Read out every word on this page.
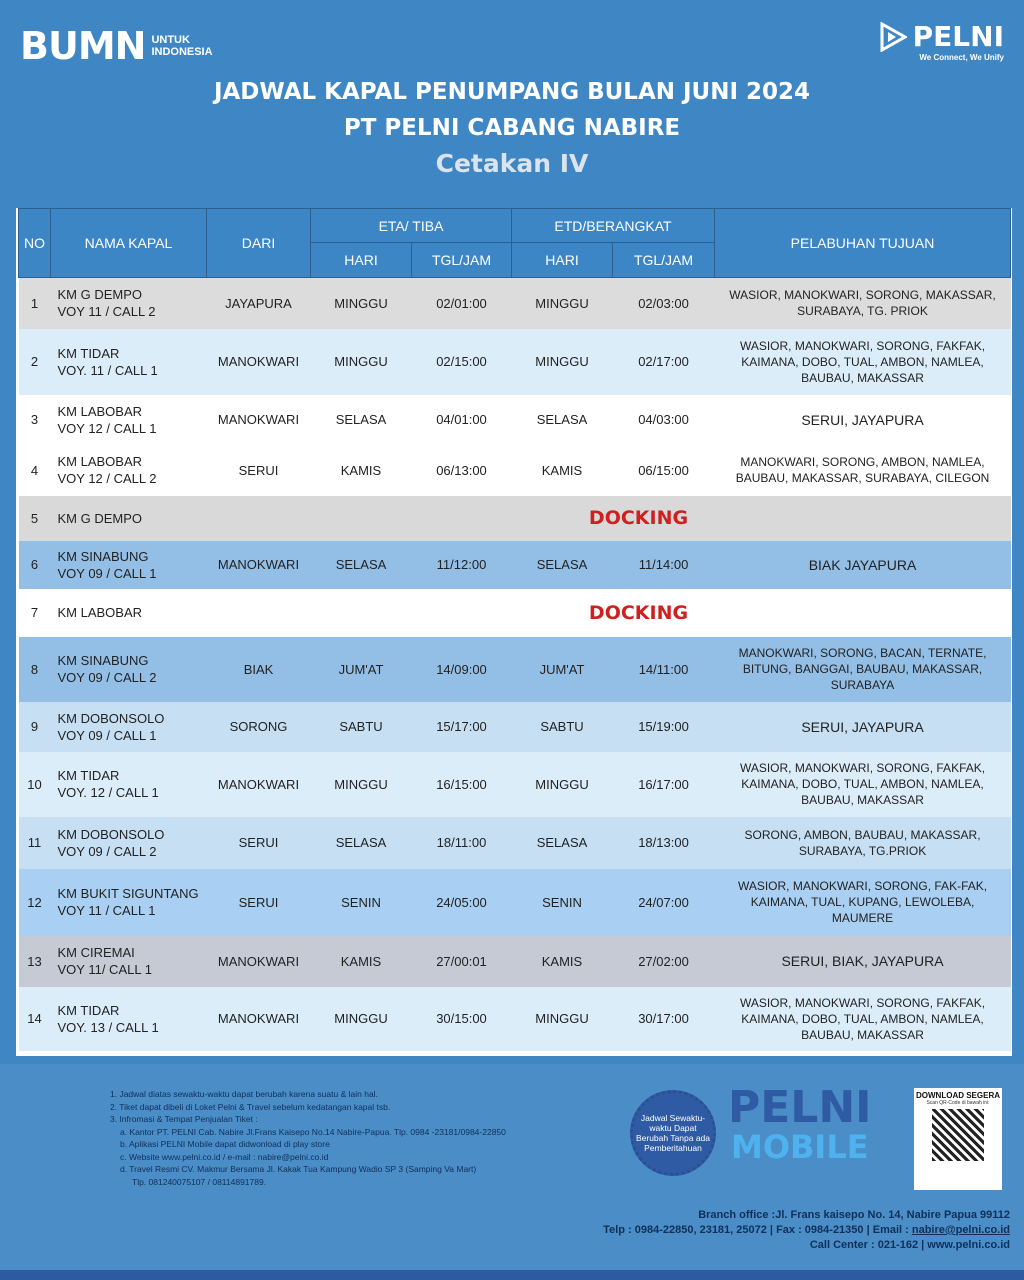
BUMN UNTUK
INDONESIA	PELNI
We Connect, We Unify
JADWAL KAPAL PENUMPANG BULAN JUNI 2024
PT PELNI CABANG NABIRE
Cetakan IV
NO	NAMA KAPAL	DARI	ETA/ TIBA		ETD/BERANGKAT		PELABUHAN TUJUAN
			HARI	TGL/JAM	HARI	TGL/JAM	
1	KM G DEMPO
VOY 11 / CALL 2	JAYAPURA	MINGGU	02/01:00	MINGGU	02/03:00	WASIOR, MANOKWARI, SORONG, MAKASSAR, SURABAYA, TG. PRIOK
2	KM TIDAR
VOY. 11 / CALL 1	MANOKWARI	MINGGU	02/15:00	MINGGU	02/17:00	WASIOR, MANOKWARI, SORONG, FAKFAK, KAIMANA, DOBO, TUAL, AMBON, NAMLEA, BAUBAU, MAKASSAR
3	KM LABOBAR
VOY 12 / CALL 1	MANOKWARI	SELASA	04/01:00	SELASA	04/03:00	SERUI, JAYAPURA
4	KM LABOBAR
VOY 12 / CALL 2	SERUI	KAMIS	06/13:00	KAMIS	06/15:00	MANOKWARI, SORONG, AMBON, NAMLEA, BAUBAU, MAKASSAR, SURABAYA, CILEGON
5	KM G DEMPO	DOCKING					
6	KM SINABUNG
VOY 09 / CALL 1	MANOKWARI	SELASA	11/12:00	SELASA	11/14:00	BIAK JAYAPURA
7	KM LABOBAR	DOCKING					
8	KM SINABUNG
VOY 09 / CALL 2	BIAK	JUM'AT	14/09:00	JUM'AT	14/11:00	MANOKWARI, SORONG, BACAN, TERNATE, BITUNG, BANGGAI, BAUBAU, MAKASSAR, SURABAYA
9	KM DOBONSOLO
VOY 09 / CALL 1	SORONG	SABTU	15/17:00	SABTU	15/19:00	SERUI, JAYAPURA
10	KM TIDAR
VOY. 12 / CALL 1	MANOKWARI	MINGGU	16/15:00	MINGGU	16/17:00	WASIOR, MANOKWARI, SORONG, FAKFAK, KAIMANA, DOBO, TUAL, AMBON, NAMLEA, BAUBAU, MAKASSAR
11	KM DOBONSOLO
VOY 09 / CALL 2	SERUI	SELASA	18/11:00	SELASA	18/13:00	SORONG, AMBON, BAUBAU, MAKASSAR, SURABAYA, TG.PRIOK
12	KM BUKIT SIGUNTANG
VOY 11 / CALL 1	SERUI	SENIN	24/05:00	SENIN	24/07:00	WASIOR, MANOKWARI, SORONG, FAK-FAK, KAIMANA, TUAL, KUPANG, LEWOLEBA, MAUMERE
13	KM CIREMAI
VOY 11/ CALL 1	MANOKWARI	KAMIS	27/00:01	KAMIS	27/02:00	SERUI, BIAK, JAYAPURA
14	KM TIDAR
VOY. 13 / CALL 1	MANOKWARI	MINGGU	30/15:00	MINGGU	30/17:00	WASIOR, MANOKWARI, SORONG, FAKFAK, KAIMANA, DOBO, TUAL, AMBON, NAMLEA, BAUBAU, MAKASSAR
1. Jadwal diatas sewaktu-waktu dapat berubah karena suatu & lain hal.
2. Tiket dapat dibeli di Loket Pelni & Travel sebelum kedatangan kapal tsb.
3. Infromasi & Tempat Penjualan Tiket :
a. Kantor PT. PELNI Cab. Nabire Jl.Frans Kaisepo No.14 Nabire-Papua. Tlp. 0984 -23181/0984-22850
b. Aplikasi PELNI Mobile dapat didwonload di play store
c. Website www.pelni.co.id / e-mail : nabire@pelni.co.id
d. Travel Resmi CV. Makmur Bersama Jl. Kakak Tua Kampung Wadio SP 3 (Samping Va Mart)
Tlp. 081240075107 / 08114891789.
Jadwal Sewaktu-waktu Dapat Berubah Tanpa ada Pemberitahuan
PELNI
MOBILE
DOWNLOAD SEGERA
Scan QR-Code di bawah ini:
Branch office :Jl. Frans kaisepo No. 14, Nabire Papua 99112
Telp : 0984-22850, 23181, 25072 | Fax : 0984-21350 | Email : nabire@pelni.co.id
Call Center : 021-162 | www.pelni.co.id
